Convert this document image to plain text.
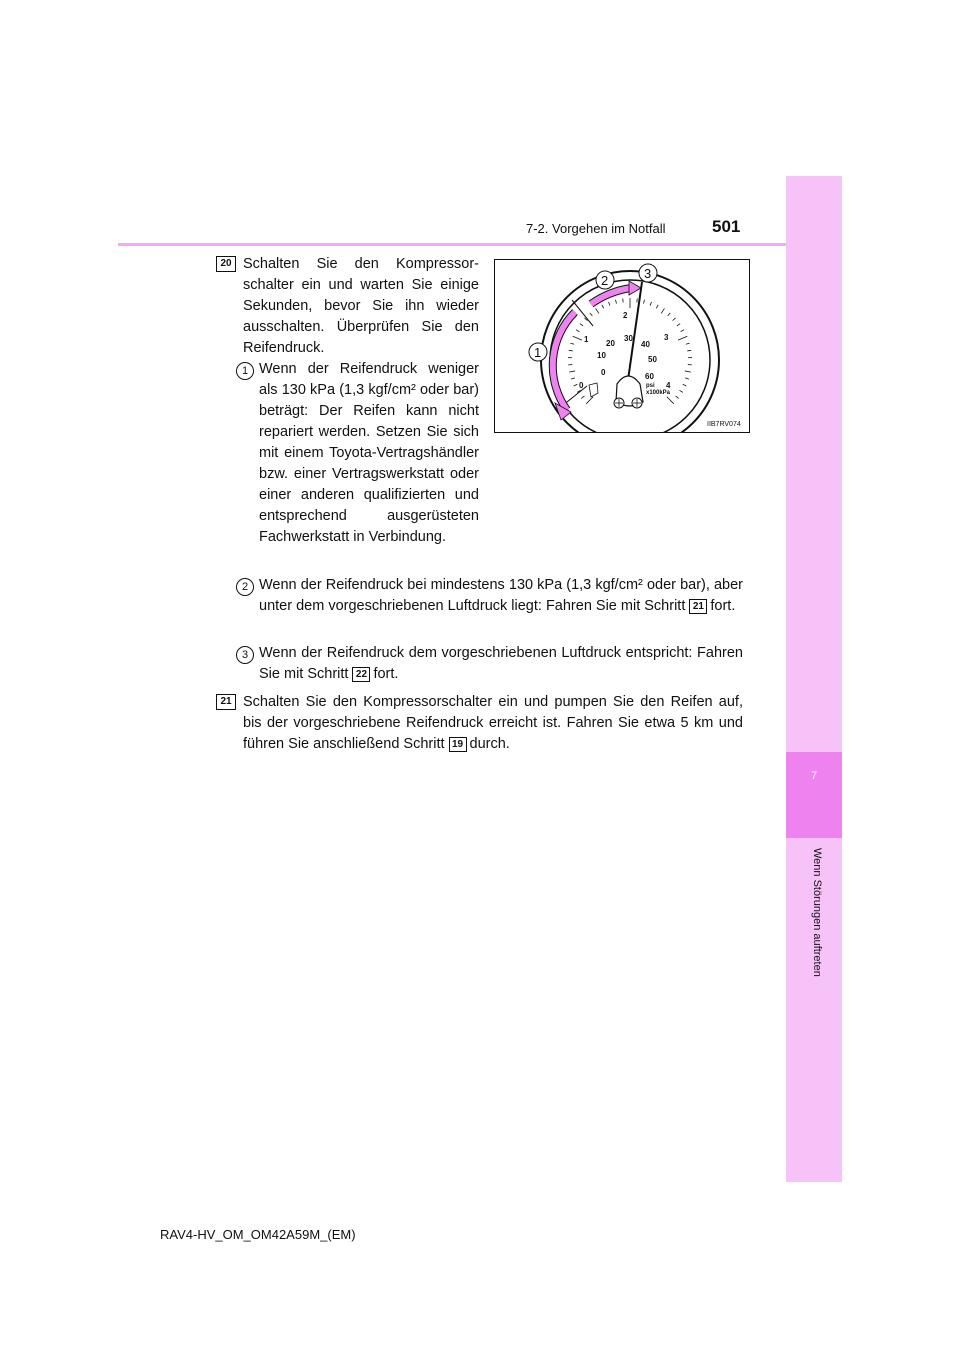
7-2. Vorgehen im Notfall	501
7
Wenn Störungen auftreten
20 Schalten Sie den Kompressorschalter ein und warten Sie einige Sekunden, bevor Sie ihn wieder ausschalten. Überprüfen Sie den Reifendruck.
1 Wenn der Reifendruck weniger als 130 kPa (1,3 kgf/cm² oder bar) beträgt: Der Reifen kann nicht repariert werden. Setzen Sie sich mit einem Toyota-Vertragshändler bzw. einer Vertragswerkstatt oder einer anderen qualifizierten und entsprechend ausgerüsteten Fachwerkstatt in Verbindung.
0
1
2
3
4
0
10
20
30
40
50
60
psi
x100kPa
IIB7RV074
1
2	3
2 Wenn der Reifendruck bei mindestens 130 kPa (1,3 kgf/cm² oder bar), aber unter dem vorgeschriebenen Luftdruck liegt: Fahren Sie mit Schritt 21 fort.
3 Wenn der Reifendruck dem vorgeschriebenen Luftdruck entspricht: Fahren Sie mit Schritt 22 fort.
21 Schalten Sie den Kompressorschalter ein und pumpen Sie den Reifen auf, bis der vorgeschriebene Reifendruck erreicht ist. Fahren Sie etwa 5 km und führen Sie anschließend Schritt 19 durch.
RAV4-HV_OM_OM42A59M_(EM)
